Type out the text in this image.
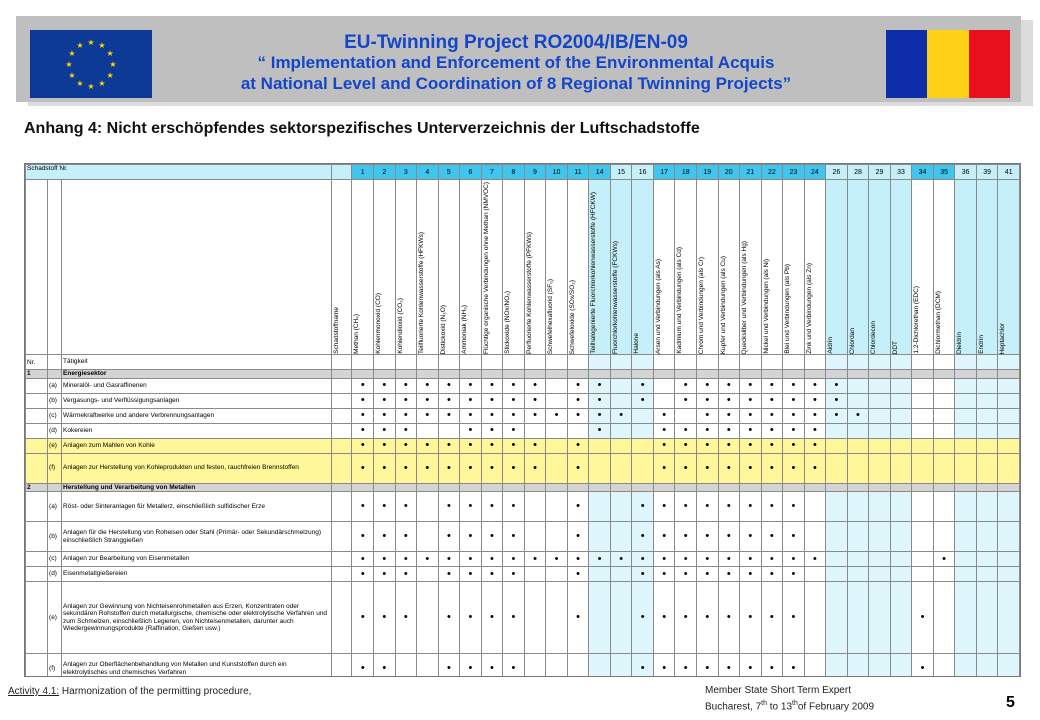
★ ★
★
★
★
★
★
★
★
★
★
★	EU-Twinning Project RO2004/IB/EN-09
“ Implementation and Enforcement of the Environmental Acquis
at National Level and Coordination of 8 Regional Twinning Projects”
Anhang 4: Nicht erschöpfendes sektorspezifisches Unterverzeichnis der Luftschadstoffe
Schadstoff Nr.				1	2	3	4	5	6	7	8	9	10	11	14	15	16	17	18	19	20	21	22	23	24	26	28	29	33	34	35	36	39	41

			Schadstoffname	Methan (CH₄)	Kohlenmonoxid (CO)	Kohlendioxid (CO₂)	Teilfluorierte Kohlenwasserstoffe (HFKWs)	Distickoxid (N₂O)	Ammoniak (NH₃)	Flüchtige organische Verbindungen ohne Methan (NMVOC)	Stickoxide (NOx/NO₂)	Perfluorierte Kohlenwasserstoffe (PFKWs)	Schwefelhexafluorid (SF₆)	Schwefeloxide (SOx/SO₂)	Teilhalogenierte Fluorchlorkohlenwasserstoffe (HFCKW)	Fluorchlorkohlenwasserstoffe (FCKWs)	Halone	Arsen und Verbindungen (als As)	Kadmium und Verbindungen (als Cd)	Chrom und Verbindungen (als Cr)	Kupfer und Verbindungen (als Cu)	Quecksilber und Verbindungen (als Hg)	Nickel und Verbindungen (als Ni)	Blei und Verbindungen (als Pb)	Zink und Verbindungen (als Zn)	Aldrin	Chlordan	Chlordecon	DDT	1,2-Dichlorethan (EDC)	Dichlormethan (DCM)	Dieldrin	Endrin	Heptachlor

Nr.		Tätigkeit																																
1		Energiesektor																																
	(a)	Mineralöl- und Gasraffinenen		•	•	•	•	•	•	•	•	•		•	•		•		•	•	•	•	•	•	•	•								
	(b)	Vergasungs- und Verflüssigungsanlagen		•	•	•	•	•	•	•	•	•		•	•		•		•	•	•	•	•	•	•	•								
	(c)	Wärmekraftwerke und andere Verbrennungsanlagen		•	•	•	•	•	•	•	•	•	•	•	•	•		•		•	•	•	•	•	•	•	•							
	(d)	Kokereien		•	•	•			•	•	•				•			•	•	•	•	•	•	•	•									
	(e)	Anlagen zum Mahlen von Kohle		•	•	•	•	•	•	•	•	•		•				•	•	•	•	•	•	•	•									
	(f)	Anlagen zur Herstellung von Kohleprodukten und festen, rauchfreien Brennstoffen		•	•	•	•	•	•	•	•	•		•				•	•	•	•	•	•	•	•									
2		Herstellung und Verarbeitung von Metallen																																
	(a)	Röst- oder Sinteranlagen für Metallerz, einschließlich sulfidischer Erze		•	•	•		•	•	•	•			•			•	•	•	•	•	•	•	•										
	(b)	Anlagen für die Herstellung von Roheisen oder Stahl (Primär- oder Sekundärschmelzung) einschließlich Stranggießen		•	•	•		•	•	•	•			•			•	•	•	•	•	•	•	•										
	(c)	Anlagen zur Bearbeitung von Eisenmetallen		•	•	•	•	•	•	•	•	•	•	•	•	•	•	•	•	•	•	•	•	•	•						•			
	(d)	Eisenmetallgießereien		•	•	•		•	•	•	•			•			•	•	•	•	•	•	•	•										
	(e)	Anlagen zur Gewinnung von Nichteisenrohmetallen aus Erzen, Konzentraten oder sekundären Rohstoffen durch metallurgische, chemische oder elektrolytische Verfahren und zum Schmelzen, einschließlich Legieren, von Nichteisenmetallen, darunter auch Wiedergewinnungsprodukte (Raffination, Gießen usw.)		•	•	•		•	•	•	•			•			•	•	•	•	•	•	•	•						•				
	(f)	Anlagen zur Oberflächenbehandlung von Metallen und Kunststoffen durch ein elektrolytisches und chemisches Verfahren		•	•			•	•	•	•						•	•	•	•	•	•	•	•						•				
Activity 4.1: Harmonization of the permitting procedure,	Member State Short Term Expert
Bucharest, 7th to 13thof February 2009	5
